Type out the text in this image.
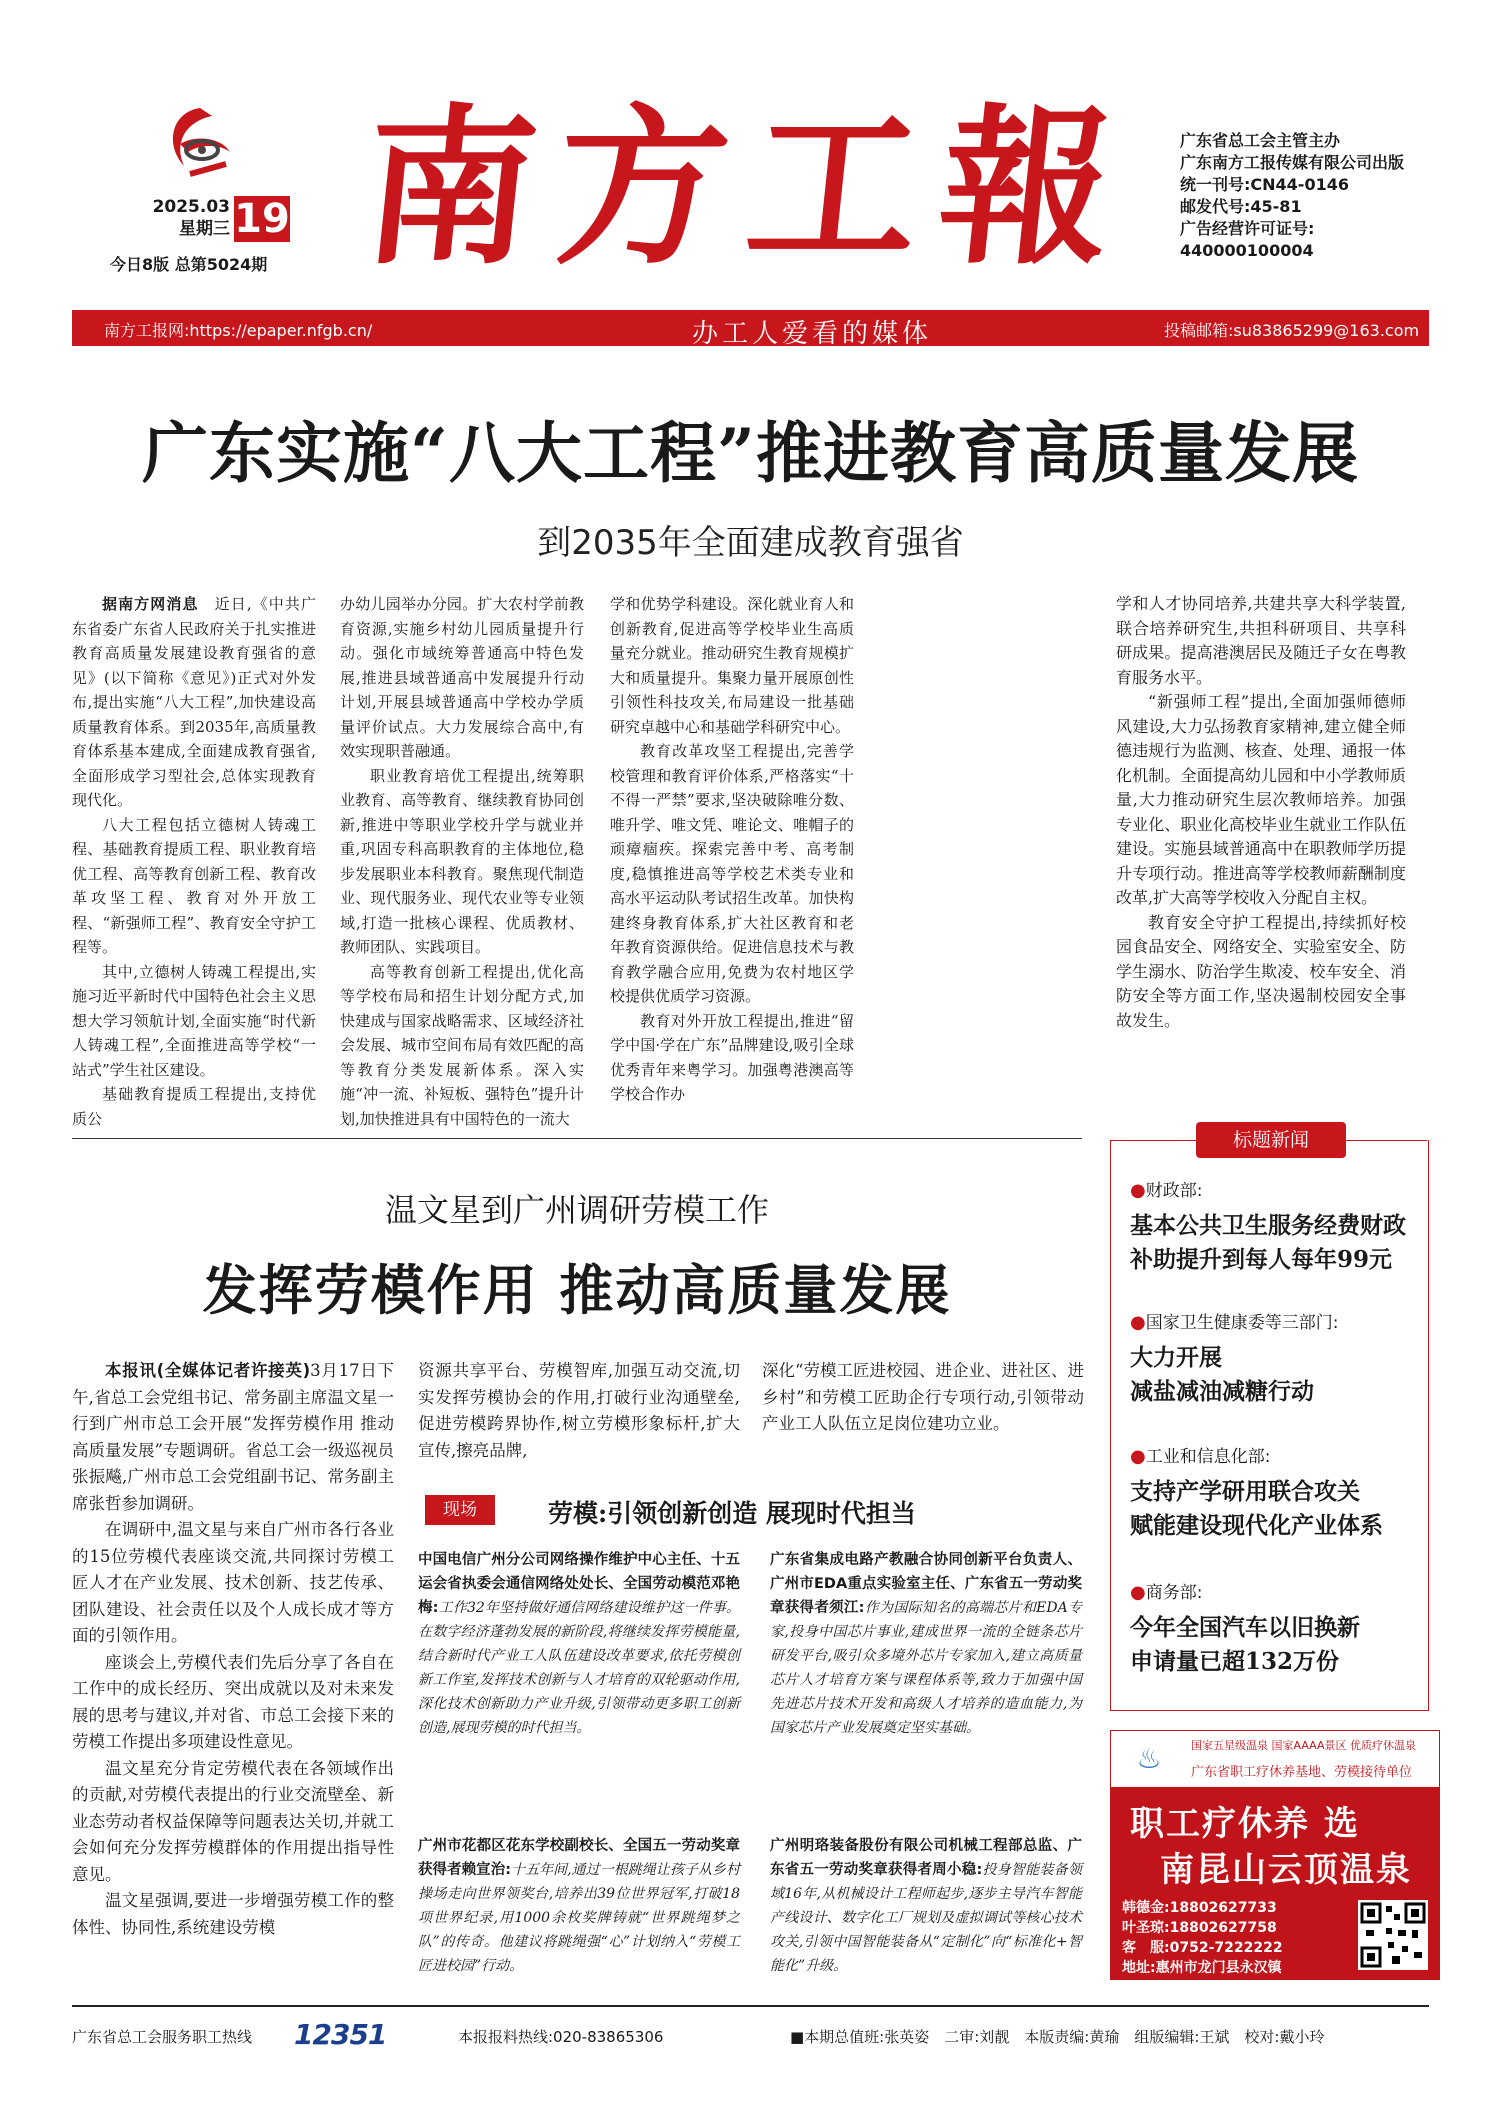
2025.03
星期三 19
今日8版 总第5024期 南方工報 广东省总工会主管主办
广东南方工报传媒有限公司出版
统一刊号:CN44-0146
邮发代号:45-81
广告经营许可证号:
440000100004
南方工报网:https://epaper.nfgb.cn/	办工人爱看的媒体	投稿邮箱:su83865299@163.com
广东实施“八大工程”推进教育高质量发展
到2035年全面建成教育强省

据南方网消息　 近日,《中共广东省委广东省人民政府关于扎实推进教育高质量发展建设教育强省的意见》(以下简称《意见》)正式对外发布,提出实施“八大工程”,加快建设高质量教育体系。到2035年,高质量教育体系基本建成,全面建成教育强省,全面形成学习型社会,总体实现教育现代化。

八大工程包括立德树人铸魂工程、基础教育提质工程、职业教育培优工程、高等教育创新工程、教育改革攻坚工程、教育对外开放工程、“新强师工程”、教育安全守护工程等。

其中,立德树人铸魂工程提出,实施习近平新时代中国特色社会主义思想大学习领航计划,全面实施“时代新人铸魂工程”,全面推进高等学校“一站式”学生社区建设。

基础教育提质工程提出,支持优质公

办幼儿园举办分园。扩大农村学前教育资源,实施乡村幼儿园质量提升行动。强化市域统筹普通高中特色发展,推进县域普通高中发展提升行动计划,开展县域普通高中学校办学质量评价试点。大力发展综合高中,有效实现职普融通。

职业教育培优工程提出,统筹职业教育、高等教育、继续教育协同创新,推进中等职业学校升学与就业并重,巩固专科高职教育的主体地位,稳步发展职业本科教育。聚焦现代制造业、现代服务业、现代农业等专业领域,打造一批核心课程、优质教材、教师团队、实践项目。

高等教育创新工程提出,优化高等学校布局和招生计划分配方式,加快建成与国家战略需求、区域经济社会发展、城市空间布局有效匹配的高等教育分类发展新体系。深入实施“冲一流、补短板、强特色”提升计划,加快推进具有中国特色的一流大

学和优势学科建设。深化就业育人和创新教育,促进高等学校毕业生高质量充分就业。推动研究生教育规模扩大和质量提升。集聚力量开展原创性引领性科技攻关,布局建设一批基础研究卓越中心和基础学科研究中心。

教育改革攻坚工程提出,完善学校管理和教育评价体系,严格落实“十不得一严禁”要求,坚决破除唯分数、唯升学、唯文凭、唯论文、唯帽子的顽瘴痼疾。探索完善中考、高考制度,稳慎推进高等学校艺术类专业和高水平运动队考试招生改革。加快构建终身教育体系,扩大社区教育和老年教育资源供给。促进信息技术与教育教学融合应用,免费为农村地区学校提供优质学习资源。

教育对外开放工程提出,推进“留学中国·学在广东”品牌建设,吸引全球优秀青年来粤学习。加强粤港澳高等学校合作办

学和人才协同培养,共建共享大科学装置,联合培养研究生,共担科研项目、共享科研成果。提高港澳居民及随迁子女在粤教育服务水平。

“新强师工程”提出,全面加强师德师风建设,大力弘扬教育家精神,建立健全师德违规行为监测、核查、处理、通报一体化机制。全面提高幼儿园和中小学教师质量,大力推动研究生层次教师培养。加强专业化、职业化高校毕业生就业工作队伍建设。实施县域普通高中在职教师学历提升专项行动。推进高等学校教师薪酬制度改革,扩大高等学校收入分配自主权。

教育安全守护工程提出,持续抓好校园食品安全、网络安全、实验室安全、防学生溺水、防治学生欺凌、校车安全、消防安全等方面工作,坚决遏制校园安全事故发生。

温文星到广州调研劳模工作
发挥劳模作用 推动高质量发展

本报讯(全媒体记者许接英)3月17日下午,省总工会党组书记、常务副主席温文星一行到广州市总工会开展“发挥劳模作用 推动高质量发展”专题调研。省总工会一级巡视员张振飚,广州市总工会党组副书记、常务副主席张哲参加调研。

在调研中,温文星与来自广州市各行各业的15位劳模代表座谈交流,共同探讨劳模工匠人才在产业发展、技术创新、技艺传承、团队建设、社会责任以及个人成长成才等方面的引领作用。

座谈会上,劳模代表们先后分享了各自在工作中的成长经历、突出成就以及对未来发展的思考与建议,并对省、市总工会接下来的劳模工作提出多项建设性意见。

温文星充分肯定劳模代表在各领域作出的贡献,对劳模代表提出的行业交流壁垒、新业态劳动者权益保障等问题表达关切,并就工会如何充分发挥劳模群体的作用提出指导性意见。

温文星强调,要进一步增强劳模工作的整体性、协同性,系统建设劳模

资源共享平台、劳模智库,加强互动交流,切实发挥劳模协会的作用,打破行业沟通壁垒,促进劳模跨界协作,树立劳模形象标杆,扩大宣传,擦亮品牌,

深化“劳模工匠进校园、进企业、进社区、进乡村”和劳模工匠助企行专项行动,引领带动产业工人队伍立足岗位建功立业。

现场	劳模:引领创新创造 展现时代担当
中国电信广州分公司网络操作维护中心主任、十五运会省执委会通信网络处处长、全国劳动模范邓艳梅:工作32年坚持做好通信网络建设维护这一件事。在数字经济蓬勃发展的新阶段,将继续发挥劳模能量,结合新时代产业工人队伍建设改革要求,依托劳模创新工作室,发挥技术创新与人才培育的双轮驱动作用,深化技术创新助力产业升级,引领带动更多职工创新创造,展现劳模的时代担当。
广东省集成电路产教融合协同创新平台负责人、广州市EDA重点实验室主任、广东省五一劳动奖章获得者须江:作为国际知名的高端芯片和EDA专家,投身中国芯片事业,建成世界一流的全链条芯片研发平台,吸引众多境外芯片专家加入,建立高质量芯片人才培育方案与课程体系等,致力于加强中国先进芯片技术开发和高级人才培养的造血能力,为国家芯片产业发展奠定坚实基础。
广州市花都区花东学校副校长、全国五一劳动奖章获得者赖宣治:十五年间,通过一根跳绳让孩子从乡村操场走向世界领奖台,培养出39位世界冠军,打破18项世界纪录,用1000余枚奖牌铸就“世界跳绳梦之队”的传奇。他建议将跳绳强“心”计划纳入“劳模工匠进校园”行动。
广州明珞装备股份有限公司机械工程部总监、广东省五一劳动奖章获得者周小稳:投身智能装备领域16年,从机械设计工程师起步,逐步主导汽车智能产线设计、数字化工厂规划及虚拟调试等核心技术攻关,引领中国智能装备从“定制化”向“标准化+智能化”升级。
标题新闻
●财政部:
基本公共卫生服务经费财政
补助提升到每人每年99元
●国家卫生健康委等三部门:
大力开展
减盐减油减糖行动
●工业和信息化部:
支持产学研用联合攻关
赋能建设现代化产业体系
●商务部:
今年全国汽车以旧换新
申请量已超132万份
♨	国家五星级温泉 国家AAAA景区 优质疗休温泉
广东省职工疗休养基地、劳模接待单位
职工疗休养 选
南昆山云顶温泉
韩德金:18802627733
叶圣琼:18802627758
客　服:0752-7222222
地址:惠州市龙门县永汉镇
广东省总工会服务职工热线 12351	本报报料热线:020-83865306	■本期总值班:张英姿　二审:刘靓　本版责编:黄瑜　组版编辑:王斌　校对:戴小玲
